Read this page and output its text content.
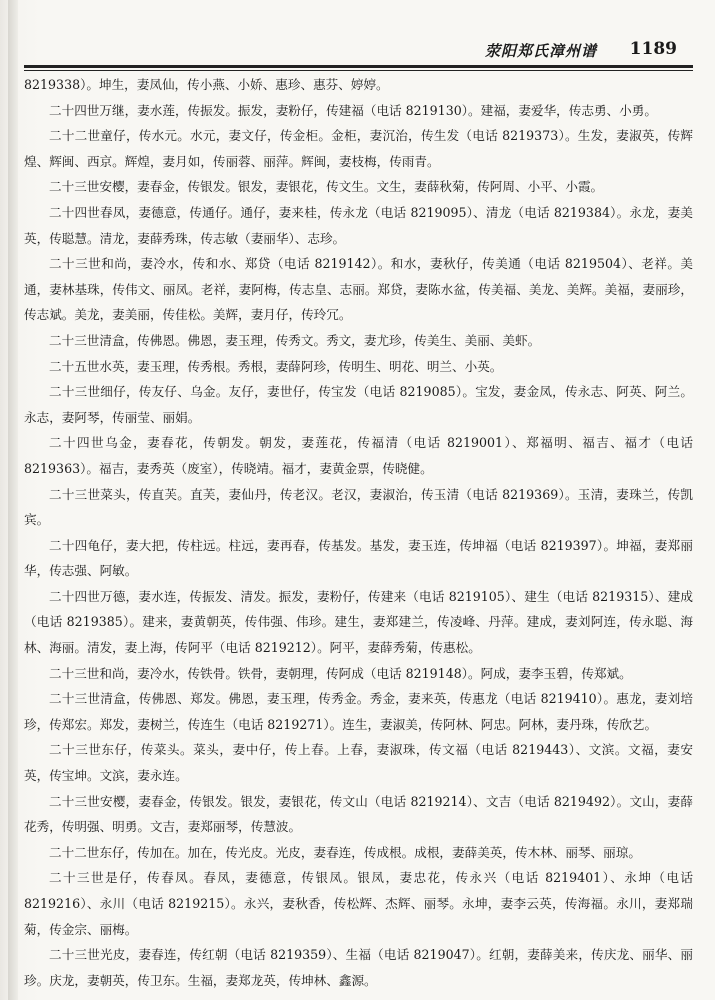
荥阳郑氏漳州谱 1189

8219338）。坤生，妻凤仙，传小燕、小娇、惠珍、惠芬、婷婷。

二十四世万继，妻水莲，传振发。振发，妻粉仔，传建福（电话 8219130）。建福，妻爱华，传志勇、小勇。

二十二世童仔，传水元。水元，妻文仔，传金柜。金柜，妻沉治，传生发（电话 8219373）。生发，妻淑英，传辉煌、辉闽、西京。辉煌，妻月如，传丽蓉、丽萍。辉闽，妻枝梅，传雨青。

二十三世安樱，妻春金，传银发。银发，妻银花，传文生。文生，妻薛秋菊，传阿周、小平、小霞。

二十四世春凤，妻德意，传通仔。通仔，妻来桂，传永龙（电话 8219095）、清龙（电话 8219384）。永龙，妻美英，传聪慧。清龙，妻薛秀珠，传志敏（妻丽华）、志珍。

二十三世和尚，妻冷水，传和水、郑贷（电话 8219142）。和水，妻秋仔，传美通（电话 8219504）、老祥。美通，妻林基珠，传伟文、丽凤。老祥，妻阿梅，传志皇、志丽。郑贷，妻陈水盆，传美福、美龙、美辉。美福，妻丽珍，传志斌。美龙，妻美丽，传佳松。美辉，妻月仔，传玲冗。

二十三世清盒，传佛恩。佛恩，妻玉理，传秀文。秀文，妻尤珍，传美生、美丽、美虾。

二十五世水英，妻玉理，传秀根。秀根，妻薛阿珍，传明生、明花、明兰、小英。

二十三世细仔，传友仔、乌金。友仔，妻世仔，传宝发（电话 8219085）。宝发，妻金凤，传永志、阿英、阿兰。永志，妻阿琴，传丽莹、丽娟。

二十四世乌金，妻春花，传朝发。朝发，妻莲花，传福清（电话 8219001）、郑福明、福吉、福才（电话 8219363）。福吉，妻秀英（废室），传晓靖。福才，妻黄金票，传晓健。

二十三世菜头，传直芙。直芙，妻仙丹，传老汉。老汉，妻淑治，传玉清（电话 8219369）。玉清，妻珠兰，传凯宾。

二十四龟仔，妻大把，传柱远。柱远，妻再春，传基发。基发，妻玉连，传坤福（电话 8219397）。坤福，妻郑丽华，传志强、阿敏。

二十四世万德，妻水连，传振发、清发。振发，妻粉仔，传建来（电话 8219105）、建生（电话 8219315）、建成（电话 8219385）。建来，妻黄朝英，传伟强、伟珍。建生，妻郑建兰，传凌峰、丹萍。建成，妻刘阿连，传永聪、海林、海丽。清发，妻上海，传阿平（电话 8219212）。阿平，妻薛秀菊，传惠松。

二十三世和尚，妻冷水，传铁骨。铁骨，妻朝理，传阿成（电话 8219148）。阿成，妻李玉碧，传郑斌。

二十三世清盒，传佛恩、郑发。佛恩，妻玉理，传秀金。秀金，妻来英，传惠龙（电话 8219410）。惠龙，妻刘培珍，传郑宏。郑发，妻树兰，传连生（电话 8219271）。连生，妻淑美，传阿林、阿忠。阿林，妻丹珠，传欣艺。

二十三世东仔，传菜头。菜头，妻中仔，传上春。上春，妻淑珠，传文福（电话 8219443）、文滨。文福，妻安英，传宝坤。文滨，妻永连。

二十三世安樱，妻春金，传银发。银发，妻银花，传文山（电话 8219214）、文吉（电话 8219492）。文山，妻薛花秀，传明强、明勇。文吉，妻郑丽琴，传慧波。

二十二世东仔，传加在。加在，传光皮。光皮，妻春连，传成根。成根，妻薛美英，传木林、丽琴、丽琼。

二十三世是仔，传春凤。春凤，妻德意，传银凤。银凤，妻忠花，传永兴（电话 8219401）、永坤（电话 8219216）、永川（电话 8219215）。永兴，妻秋香，传松辉、杰辉、丽琴。永坤，妻李云英，传海福。永川，妻郑瑞菊，传金宗、丽梅。

二十三世光皮，妻春连，传红朝（电话 8219359）、生福（电话 8219047）。红朝，妻薛美来，传庆龙、丽华、丽珍。庆龙，妻朝英，传卫东。生福，妻郑龙英，传坤林、鑫源。
